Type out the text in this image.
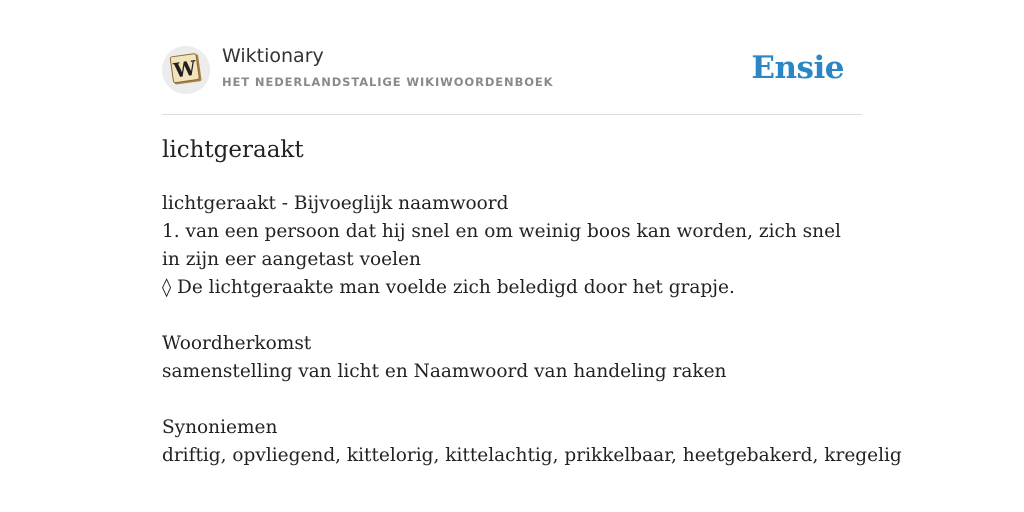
W Wiktionary
HET NEDERLANDSTALIGE WIKIWOORDENBOEK	Ensie
lichtgeraakt
lichtgeraakt - Bijvoeglijk naamwoord
1. van een persoon dat hij snel en om weinig boos kan worden, zich snel in zijn eer aangetast voelen
◊ De lichtgeraakte man voelde zich beledigd door het grapje.
Woordherkomst
samenstelling van licht en Naamwoord van handeling raken
Synoniemen
driftig, opvliegend, kittelorig, kittelachtig, prikkelbaar, heetgebakerd, kregelig
